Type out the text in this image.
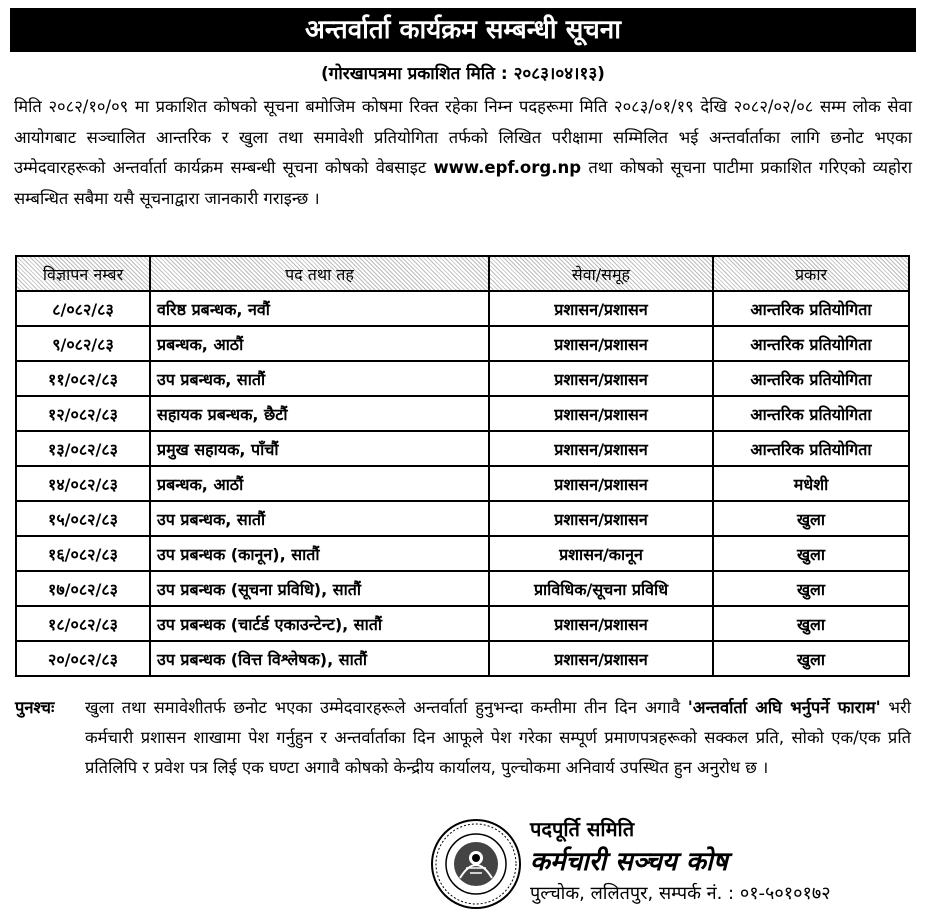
अन्तर्वार्ता कार्यक्रम सम्बन्धी सूचना
(गोरखापत्रमा प्रकाशित मिति : २०८३।०४।१३)
मिति २०८२/१०/०९ मा प्रकाशित कोषको सूचना बमोजिम कोषमा रिक्त रहेका निम्न पदहरूमा मिति २०८३/०१/१९ देखि २०८२/०२/०८ सम्म लोक सेवा आयोगबाट सञ्चालित आन्तरिक र खुला तथा समावेशी प्रतियोगिता तर्फको लिखित परीक्षामा सम्मिलित भई अन्तर्वार्ताका लागि छनोट भएका उम्मेदवारहरूको अन्तर्वार्ता कार्यक्रम सम्बन्धी सूचना कोषको वेबसाइट www.epf.org.np तथा कोषको सूचना पाटीमा प्रकाशित गरिएको व्यहोरा सम्बन्धित सबैमा यसै सूचनाद्वारा जानकारी गराइन्छ ।
विज्ञापन नम्बर	पद तथा तह	सेवा/समूह	प्रकार
८/०८२/८३	वरिष्ठ प्रबन्धक, नवौं	प्रशासन/प्रशासन	आन्तरिक प्रतियोगिता
९/०८२/८३	प्रबन्धक, आठौं	प्रशासन/प्रशासन	आन्तरिक प्रतियोगिता
११/०८२/८३	उप प्रबन्धक, सातौं	प्रशासन/प्रशासन	आन्तरिक प्रतियोगिता
१२/०८२/८३	सहायक प्रबन्धक, छैटौं	प्रशासन/प्रशासन	आन्तरिक प्रतियोगिता
१३/०८२/८३	प्रमुख सहायक, पाँचौं	प्रशासन/प्रशासन	आन्तरिक प्रतियोगिता
१४/०८२/८३	प्रबन्धक, आठौं	प्रशासन/प्रशासन	मधेशी
१५/०८२/८३	उप प्रबन्धक, सातौं	प्रशासन/प्रशासन	खुला
१६/०८२/८३	उप प्रबन्धक (कानून), सातौं	प्रशासन/कानून	खुला
१७/०८२/८३	उप प्रबन्धक (सूचना प्रविधि), सातौं	प्राविधिक/सूचना प्रविधि	खुला
१८/०८२/८३	उप प्रबन्धक (चार्टर्ड एकाउन्टेन्ट), सातौं	प्रशासन/प्रशासन	खुला
२०/०८२/८३	उप प्रबन्धक (वित्त विश्लेषक), सातौं	प्रशासन/प्रशासन	खुला
पुनश्चः खुला तथा समावेशीतर्फ छनोट भएका उम्मेदवारहरूले अन्तर्वार्ता हुनुभन्दा कम्तीमा तीन दिन अगावै 'अन्तर्वार्ता अघि भर्नुपर्ने फाराम' भरी कर्मचारी प्रशासन शाखामा पेश गर्नुहुन र अन्तर्वार्ताका दिन आफूले पेश गरेका सम्पूर्ण प्रमाणपत्रहरूको सक्कल प्रति, सोको एक/एक प्रति प्रतिलिपि र प्रवेश पत्र लिई एक घण्टा अगावै कोषको केन्द्रीय कार्यालय, पुल्चोकमा अनिवार्य उपस्थित हुन अनुरोध छ ।
पदपूर्ति समिति
कर्मचारी सञ्चय कोष
पुल्चोक, ललितपुर, सम्पर्क नं. : ०१-५०१०१७२
